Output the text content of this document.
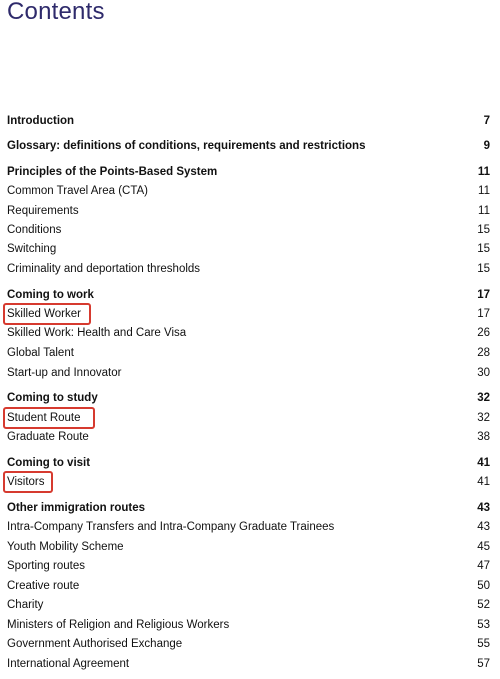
Contents
Introduction	7
Glossary: definitions of conditions, requirements and restrictions	9
Principles of the Points-Based System	11
Common Travel Area (CTA)	11
Requirements	11
Conditions	15
Switching	15
Criminality and deportation thresholds	15
Coming to work	17
Skilled Worker	17
Skilled Work: Health and Care Visa	26
Global Talent	28
Start-up and Innovator	30
Coming to study	32
Student Route	32
Graduate Route	38
Coming to visit	41
Visitors	41
Other immigration routes	43
Intra-Company Transfers and Intra-Company Graduate Trainees	43
Youth Mobility Scheme	45
Sporting routes	47
Creative route	50
Charity	52
Ministers of Religion and Religious Workers	53
Government Authorised Exchange	55
International Agreement	57
